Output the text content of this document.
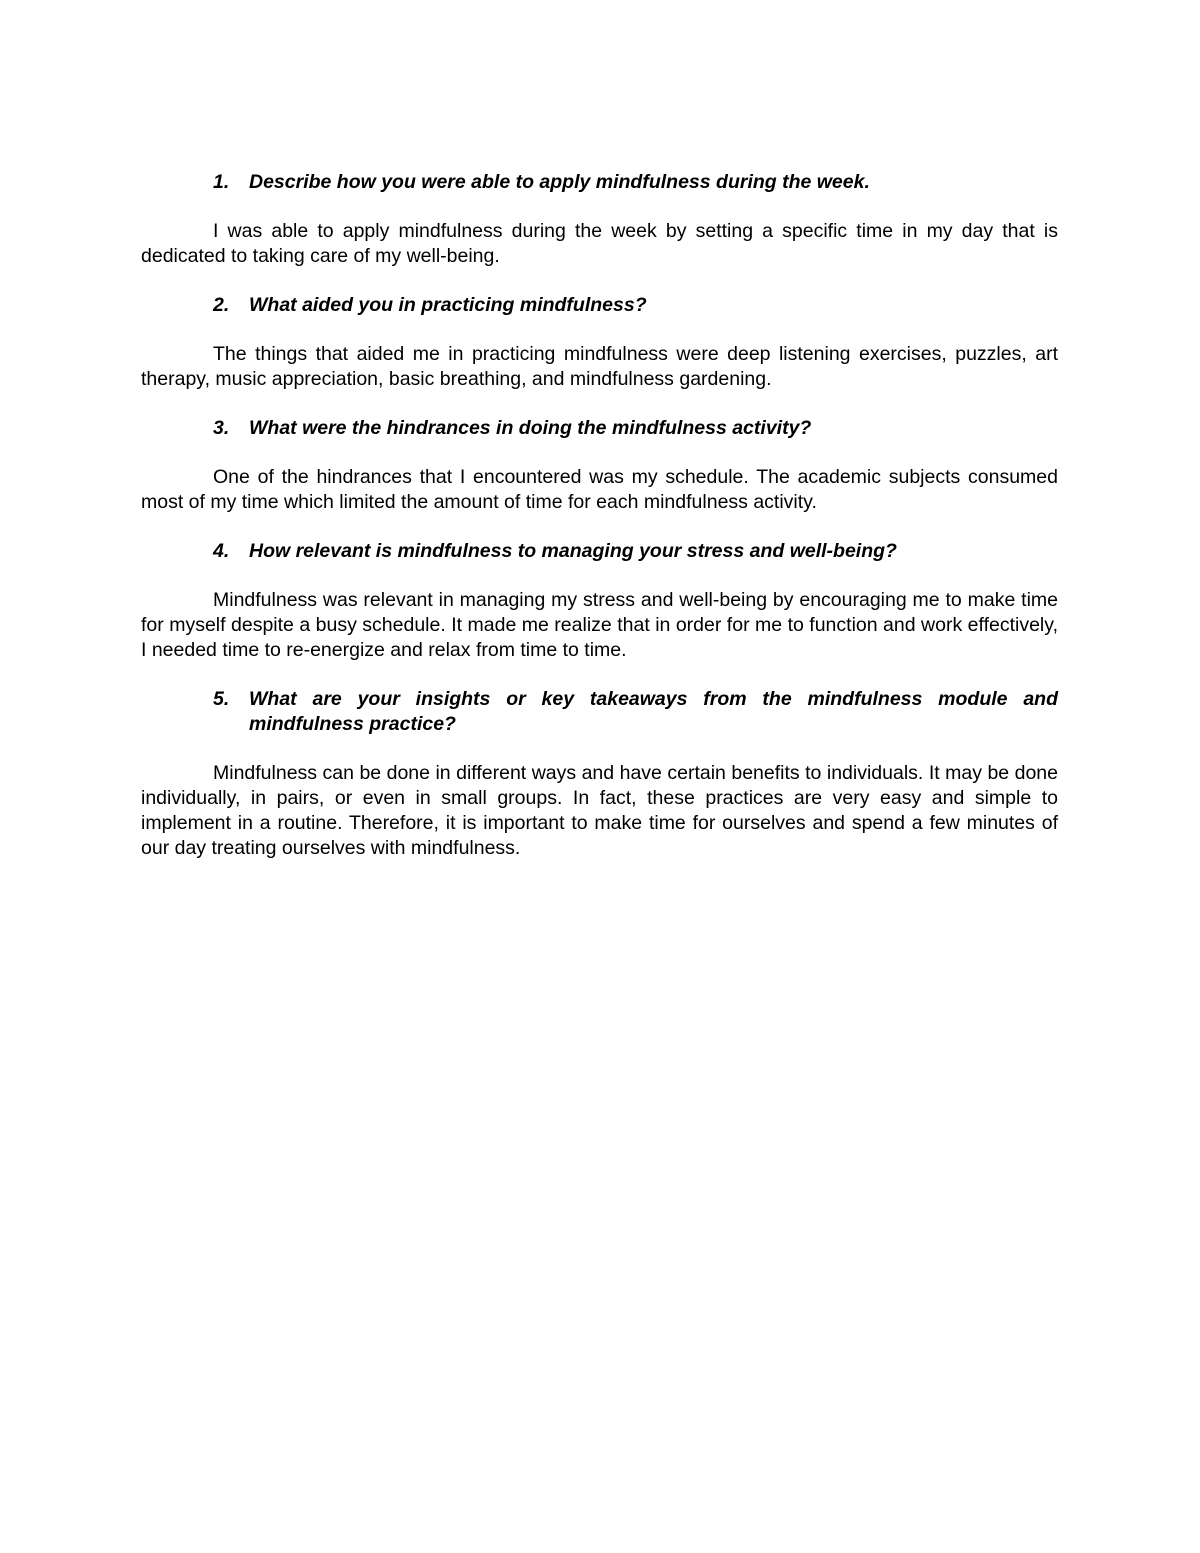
1.	Describe how you were able to apply mindfulness during the week.

I was able to apply mindfulness during the week by setting a specific time in my day that is dedicated to taking care of my well-being.

2.	What aided you in practicing mindfulness?

The things that aided me in practicing mindfulness were deep listening exercises, puzzles, art therapy, music appreciation, basic breathing, and mindfulness gardening.

3.	What were the hindrances in doing the mindfulness activity?

One of the hindrances that I encountered was my schedule. The academic subjects consumed most of my time which limited the amount of time for each mindfulness activity.

4.	How relevant is mindfulness to managing your stress and well-being?

Mindfulness was relevant in managing my stress and well-being by encouraging me to make time for myself despite a busy schedule. It made me realize that in order for me to function and work effectively, I needed time to re-energize and relax from time to time.

5.	What are your insights or key takeaways from the mindfulness module and mindfulness practice?

Mindfulness can be done in different ways and have certain benefits to individuals. It may be done individually, in pairs, or even in small groups. In fact, these practices are very easy and simple to implement in a routine. Therefore, it is important to make time for ourselves and spend a few minutes of our day treating ourselves with mindfulness.
